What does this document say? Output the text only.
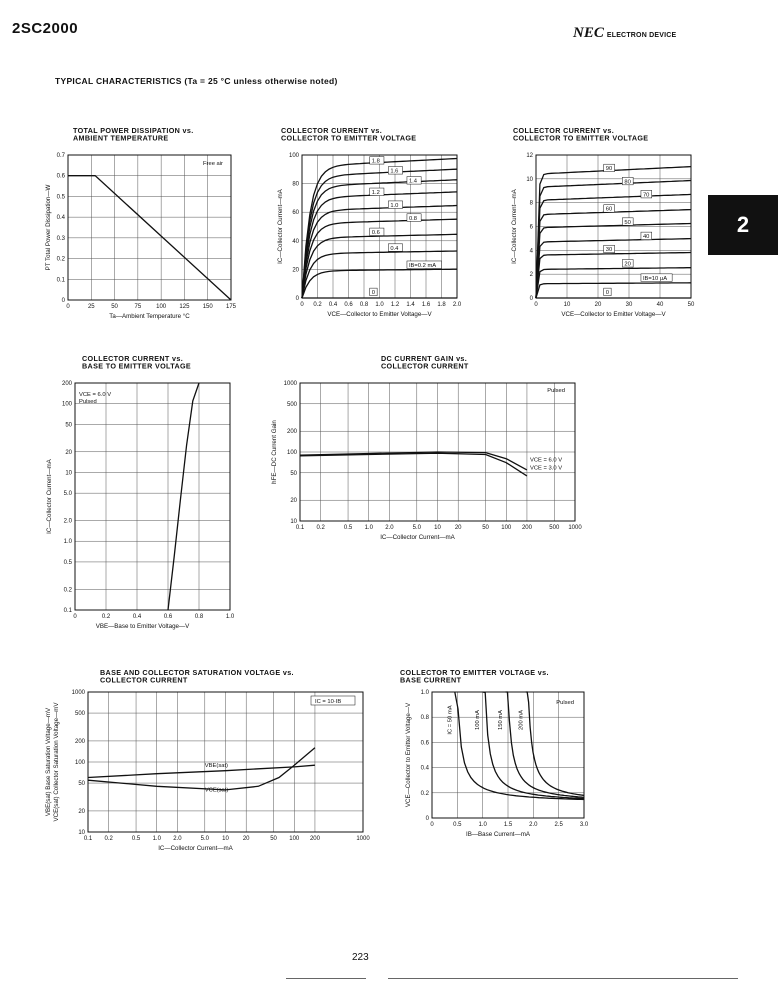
2SC2000	NEC ELECTRON DEVICE
TYPICAL CHARACTERISTICS (Ta = 25 °C unless otherwise noted)
2
223
TOTAL POWER DISSIPATION vs.
AMBIENT TEMPERATURE
0	25	50	75 100 125 150 175
0
0.1
0.2
0.3
0.4
0.5
0.6
0.7
Ta—Ambient Temperature °C
PT Total Power Dissipation—W
Free air
COLLECTOR CURRENT vs.
COLLECTOR TO EMITTER VOLTAGE
0 0.2 0.4 0.6 0.8 1.0 1.2 1.4 1.6 1.8 2.0
0
20
40
60
80
100
VCE—Collector to Emitter Voltage—V
IC—Collector Current—mA
1.8
1.6
1.4
1.2
1.0
0.8
0.6
0.4
IB=0.2 mA
0
COLLECTOR CURRENT vs.
COLLECTOR TO EMITTER VOLTAGE
0	10	20	30	40	50
0
2
4
6
8
10
12
VCE—Collector to Emitter Voltage—V
IC—Collector Current—mA
90
80
70
60
50
40
30
20
IB=10 μA
0
COLLECTOR CURRENT vs.
BASE TO EMITTER VOLTAGE
0	0.2	0.4	0.6	0.8	1.0
0.1
0.2
0.5
1.0
2.0
5.0
10
20
50
100
200
VBE—Base to Emitter Voltage—V
IC—Collector Current—mA
VCE = 6.0 V
Pulsed
DC CURRENT GAIN vs.
COLLECTOR CURRENT
0.1 0.2	0.5 1.0 2.0	5.0 10 20	50 100 200	500 1000
10
20
50
100
200
500
1000
IC—Collector Current—mA
hFE—DC Current Gain
Pulsed
VCE = 6.0 V
VCE = 3.0 V
BASE AND COLLECTOR SATURATION VOLTAGE vs.
COLLECTOR CURRENT
0.1 0.2	0.5 1.0 2.0	5.0 10 20	50 100 200	1000
10
20
50
100
200
500
1000
IC—Collector Current—mA
VBE(sat) Base Saturation Voltage—mV VCE(sat) Collector Saturation Voltage—mV
IC = 10·IB
VBE(sat)
VCE(sat)
COLLECTOR TO EMITTER VOLTAGE vs.
BASE CURRENT
0	0.5	1.0	1.5	2.0	2.5	3.0
0
0.2
0.4
0.6
0.8
1.0
IB—Base Current—mA
VCE—Collector to Emitter Voltage—V	Pulsed
IC = 50 mA	100 mA	150 mA 200 mA
